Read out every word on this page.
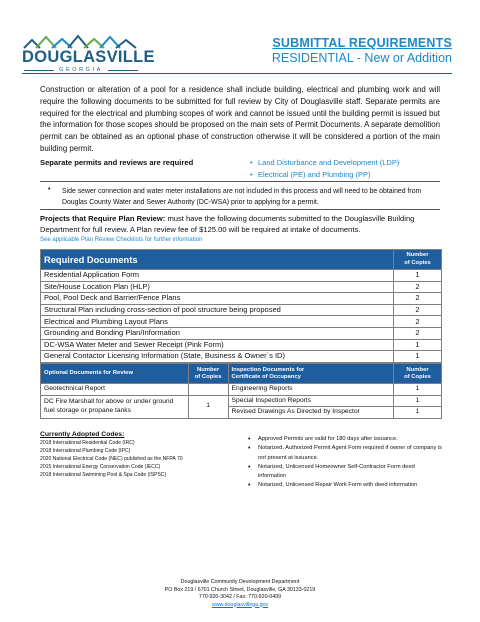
DOUGLASVILLE
GEORGIA
SUBMITTAL REQUIREMENTS
RESIDENTIAL - New or Addition

Construction or alteration of a pool for a residence shall include building, electrical and plumbing work and will require the following documents to be submitted for full review by City of Douglasville staff. Separate permits are required for the electrical and plumbing scopes of work and cannot be issued until the building permit is issued but the information for those scopes should be proposed on the main sets of Permit Documents. A separate demolition permit can be obtained as an optional phase of construction otherwise it will be considered a portion of the main building permit.

Separate permits and reviews are required	• Land Disturbance and Development (LDP)
• Electrical (PE) and Plumbing (PP)
• Side sewer connection and water meter installations are not included in this process and will need to be obtained from Douglas County Water and Sewer Authority (DC-WSA) prior to applying for a permit.

Projects that Require Plan Review: must have the following documents submitted to the Douglasville Building Department for full review. A Plan review fee of $125.00 will be required at intake of documents.

See applicable Plan Review Checklists for further information
Required Documents	Number
of Copies
Residential Application Form	1
Site/House Location Plan (HLP)	2
Pool, Pool Deck and Barrier/Fence Plans	2
Structural Plan including cross-section of pool structure being proposed	2
Electrical and Plumbing Layout Plans	2
Grounding and Bonding Plan/Information	2
DC-WSA Water Meter and Sewer Receipt (Pink Form)	1
General Contactor Licensing Information (State, Business & Owner´s ID)	1
Optional Documents for Review	Number
of Copies	Inspection Documents for
Certificate of Occupancy	Number
of Copies
Geotechnical Report		Engineering Reports	1
DC Fire Marshall for above or under ground fuel storage or propane tanks	1	Special Inspection Reports	1
		Revised Drawings As Directed by Inspector	1
Currently Adopted Codes:
2018 International Residential Code (IRC)
2018 International Plumbing Code (IPC)
2020 National Electrical Code (NEC) published as the NFPA 70
2015 International Energy Conservation Code (IECC)
2018 International Swimming Pool & Spa Code (ISPSC)
• Approved Permits are valid for 180 days after issuance.
• Notarized, Authorized Permit Agent Form required if owner of company is not present at issuance.
• Notarized, Unlicensed Homeowner Self-Contractor Form deed information
• Notarized, Unlicensed Repair Work Form with deed information
Douglasville Community Development Department
PO Box 219 / 6701 Church Street, Douglasville, GA 30133-0219
770-920-3042 / Fax: 770-920-0499
www.douglasvillega.gov
